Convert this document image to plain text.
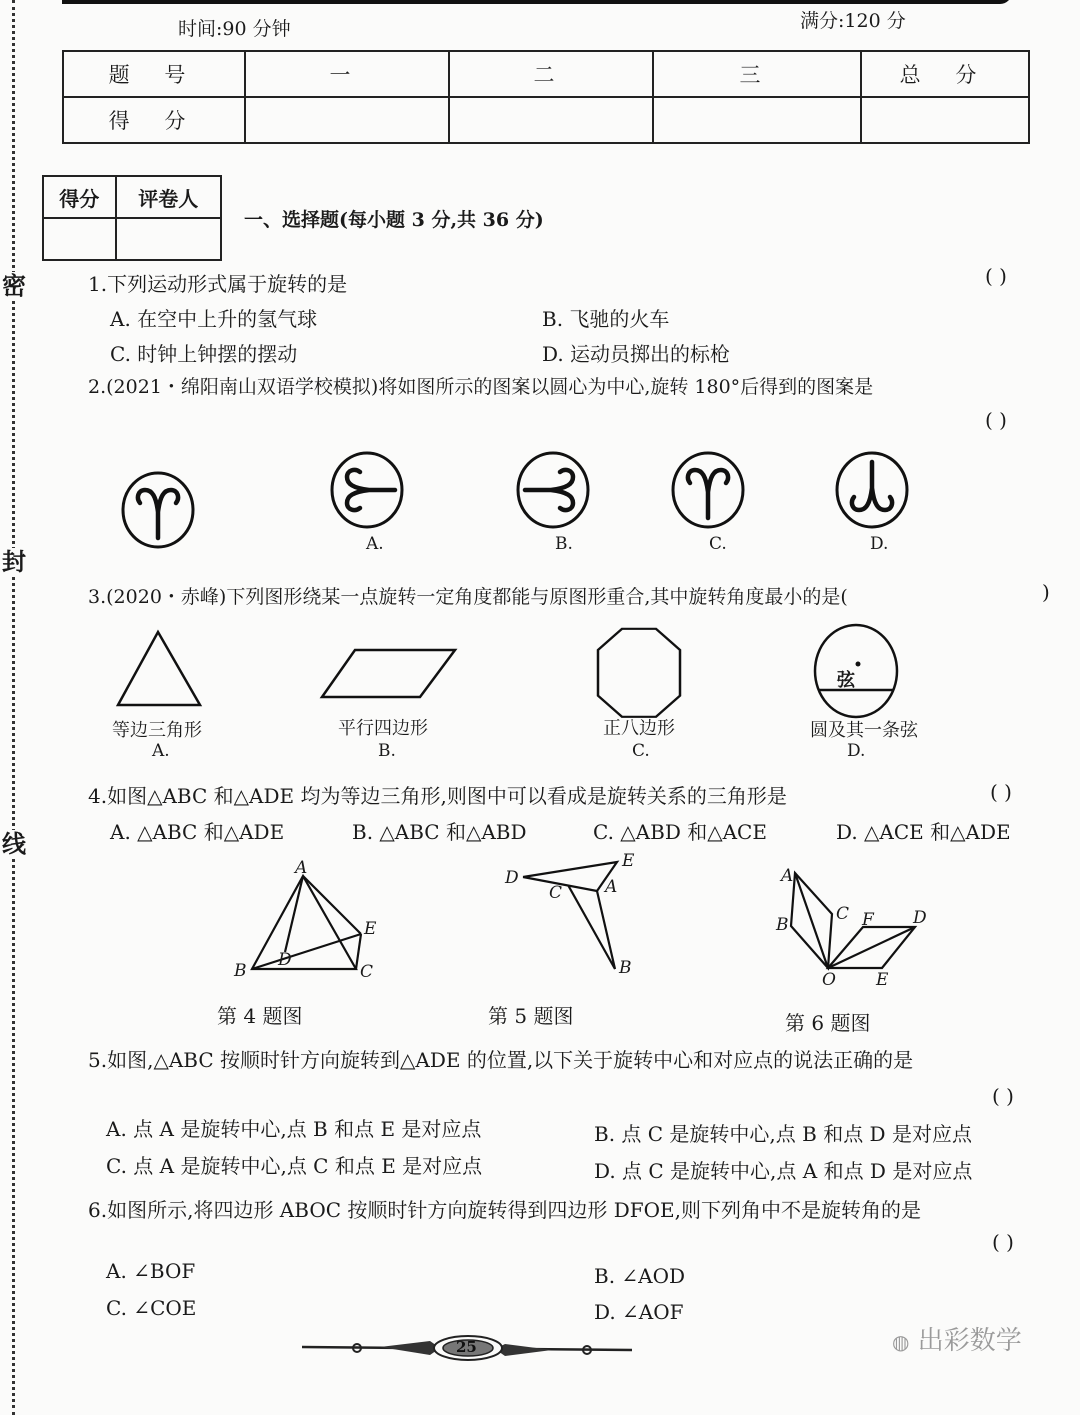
密
封
线
时间:90 分钟	满分:120 分
题 号	一	二	三	总 分
得 分				
得分	评卷人

一、选择题(每小题 3 分,共 36 分)
1.下列运动形式属于旋转的是	( )
A. 在空中上升的氢气球	B. 飞驰的火车
C. 时钟上钟摆的摆动	D. 运动员掷出的标枪
2.(2021・绵阳南山双语学校模拟)将如图所示的图案以圆心为中心,旋转 180°后得到的图案是
( )
A.	B.	C.	D.
3.(2020・赤峰)下列图形绕某一点旋转一定角度都能与原图形重合,其中旋转角度最小的是(	)
弦
等边三角形
A.
平行四边形
B.
正八边形
C.
圆及其一条弦
D.
4.如图△ABC 和△ADE 均为等边三角形,则图中可以看成是旋转关系的三角形是	( )
A. △ABC 和△ADE	B. △ABC 和△ABD	C. △ABD 和△ACE	D. △ACE 和△ADE
A
B	C
D
E
第 4 题图
A
B
C
D
E
第 5 题图
A
B
C	D
E
F
O
第 6 题图
5.如图,△ABC 按顺时针方向旋转到△ADE 的位置,以下关于旋转中心和对应点的说法正确的是
( )
A. 点 A 是旋转中心,点 B 和点 E 是对应点	B. 点 C 是旋转中心,点 B 和点 D 是对应点
C. 点 A 是旋转中心,点 C 和点 E 是对应点	D. 点 C 是旋转中心,点 A 和点 D 是对应点
6.如图所示,将四边形 ABOC 按顺时针方向旋转得到四边形 DFOE,则下列角中不是旋转角的是
( )
A. ∠BOF	B. ∠AOD
C. ∠COE	D. ∠AOF
25	◍ 出彩数学
